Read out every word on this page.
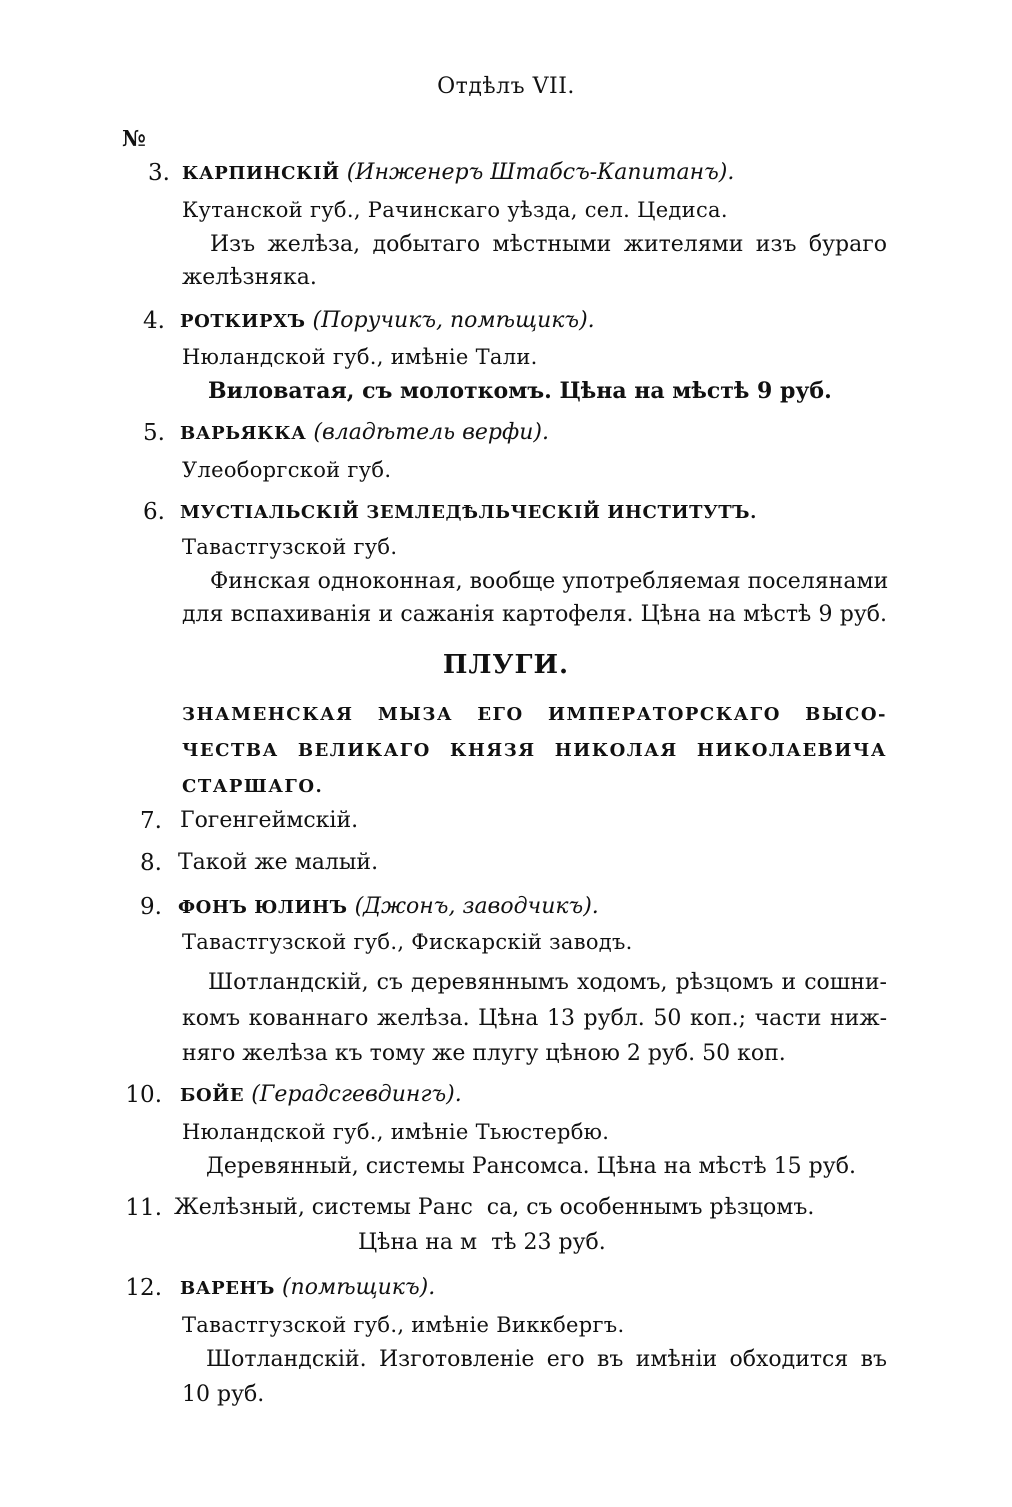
Отдѣлъ VII.
№
3. КАРПИНСКІЙ (Инженеръ Штабсъ-Капитанъ).
Кутанской губ., Рачинскаго уѣзда, сел. Цедиса.
Изъ желѣза, добытаго мѣстными жителями изъ бураго
желѣзняка.
4. РОТКИРХЪ (Поручикъ, помѣщикъ).
Нюландской губ., имѣніе Тали.
Виловатая, съ молоткомъ. Цѣна на мѣстѣ 9 руб.
5. ВАРЬЯККА (владѣтель верфи).
Улеоборгской губ.
6. МУСТІАЛЬСКІЙ ЗЕМЛЕДѢЛЬЧЕСКІЙ ИНСТИТУТЪ.
Тавастгузской губ.
Финская одноконная, вообще употребляемая поселянами
для вспахиванія и сажанія картофеля. Цѣна на мѣстѣ 9 руб.
ПЛУГИ.
ЗНАМЕНСКАЯ МЫЗА ЕГО ИМПЕРАТОРСКАГО ВЫСО-
ЧЕСТВА ВЕЛИКАГО КНЯЗЯ НИКОЛАЯ НИКОЛАЕВИЧА
СТАРШАГО.
7. Гогенгеймскій.
8. Такой же малый.
9. ФОНЪ ЮЛИНЪ (Джонъ, заводчикъ).
Тавастгузской губ., Фискарскій заводъ.
Шотландскій, съ деревяннымъ ходомъ, рѣзцомъ и сошни-
комъ кованнаго желѣза. Цѣна 13 рубл. 50 коп.; части ниж-
няго желѣза къ тому же плугу цѣною 2 руб. 50 коп.
10. БОЙЕ (Герадсгевдингъ).
Нюландской губ., имѣніе Тьюстербю.
Деревянный, системы Рансомса. Цѣна на мѣстѣ 15 руб.
11. Желѣзный, системы Ранс  са, съ особеннымъ рѣзцомъ.
Цѣна на м  тѣ 23 руб.
12. ВАРЕНЪ (помѣщикъ).
Тавастгузской губ., имѣніе Виккбергъ.
Шотландскій. Изготовленіе его въ имѣніи обходится въ
10 руб.
